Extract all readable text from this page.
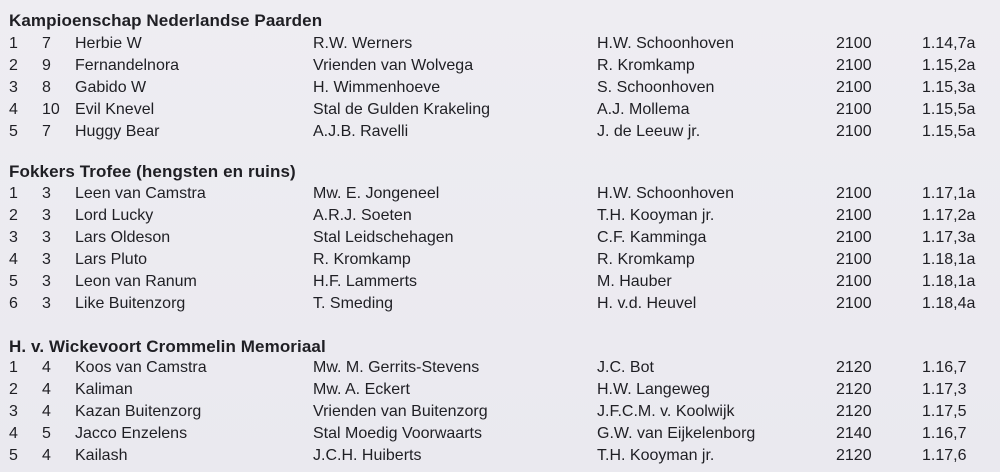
Kampioenschap Nederlandse Paarden
1 7 Herbie W	R.W. Werners	H.W. Schoonhoven	2100	1.14,7a
2 9 Fernandelnora	Vrienden van Wolvega	R. Kromkamp	2100	1.15,2a
3 8 Gabido W	H. Wimmenhoeve	S. Schoonhoven	2100	1.15,3a
4 10 Evil Knevel	Stal de Gulden Krakeling	A.J. Mollema	2100	1.15,5a
5 7 Huggy Bear	A.J.B. Ravelli	J. de Leeuw jr.	2100	1.15,5a
Fokkers Trofee (hengsten en ruins)
1 3 Leen van Camstra	Mw. E. Jongeneel	H.W. Schoonhoven	2100	1.17,1a
2 3 Lord Lucky	A.R.J. Soeten	T.H. Kooyman jr.	2100	1.17,2a
3 3 Lars Oldeson	Stal Leidschehagen	C.F. Kamminga	2100	1.17,3a
4 3 Lars Pluto	R. Kromkamp	R. Kromkamp	2100	1.18,1a
5 3 Leon van Ranum	H.F. Lammerts	M. Hauber	2100	1.18,1a
6 3 Like Buitenzorg	T. Smeding	H. v.d. Heuvel	2100	1.18,4a
H. v. Wickevoort Crommelin Memoriaal
1 4 Koos van Camstra	Mw. M. Gerrits-Stevens	J.C. Bot	2120	1.16,7
2 4 Kaliman	Mw. A. Eckert	H.W. Langeweg	2120	1.17,3
3 4 Kazan Buitenzorg	Vrienden van Buitenzorg	J.F.C.M. v. Koolwijk	2120	1.17,5
4 5 Jacco Enzelens	Stal Moedig Voorwaarts	G.W. van Eijkelenborg	2140	1.16,7
5 4 Kailash	J.C.H. Huiberts	T.H. Kooyman jr.	2120	1.17,6
